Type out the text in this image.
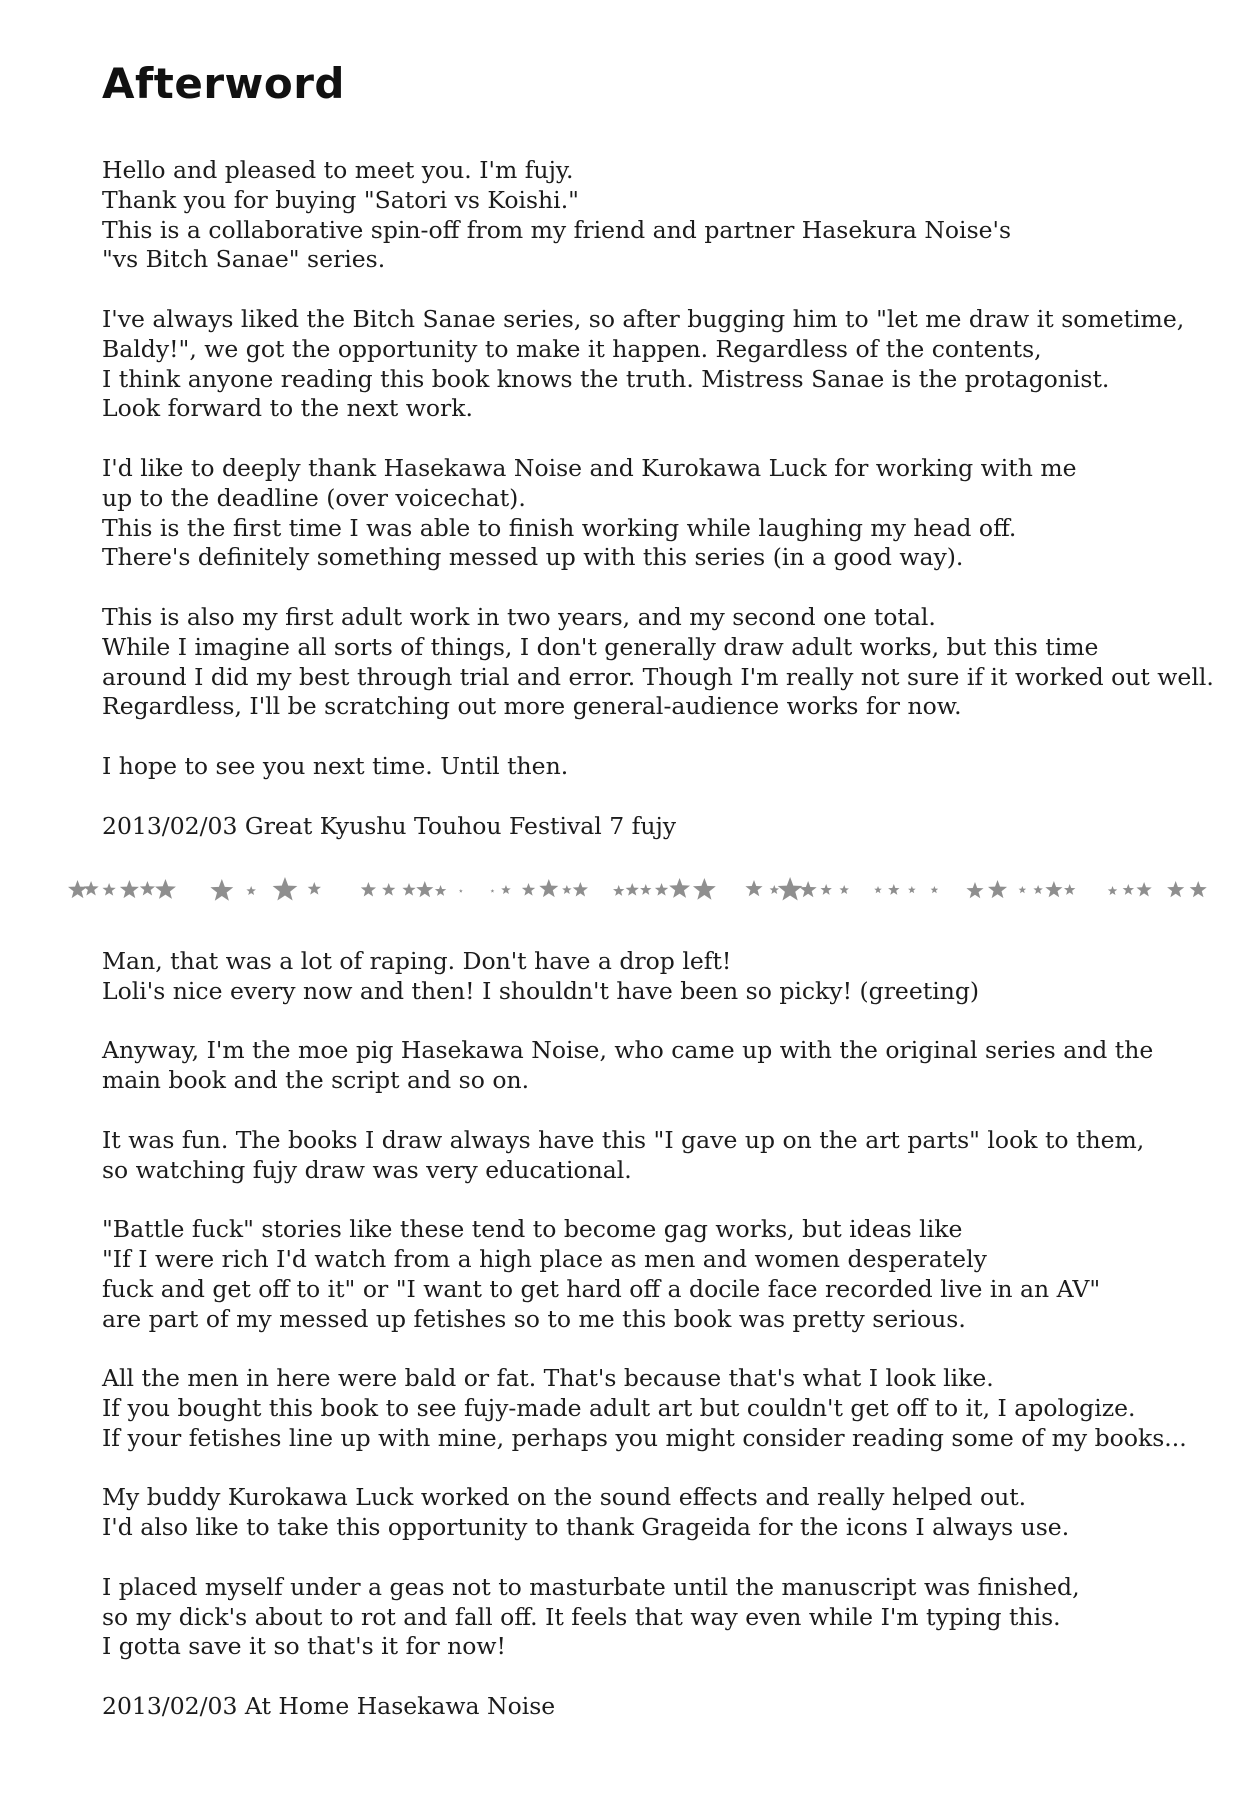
Afterword

Hello and pleased to meet you. I'm fujy.
Thank you for buying "Satori vs Koishi."
This is a collaborative spin-off from my friend and partner Hasekura Noise's
"vs Bitch Sanae" series.

I've always liked the Bitch Sanae series, so after bugging him to "let me draw it sometime,
Baldy!", we got the opportunity to make it happen. Regardless of the contents,
I think anyone reading this book knows the truth. Mistress Sanae is the protagonist.
Look forward to the next work.

I'd like to deeply thank Hasekawa Noise and Kurokawa Luck for working with me
up to the deadline (over voicechat).
This is the first time I was able to finish working while laughing my head off.
There's definitely something messed up with this series (in a good way).

This is also my first adult work in two years, and my second one total.
While I imagine all sorts of things, I don't generally draw adult works, but this time
around I did my best through trial and error. Though I'm really not sure if it worked out well.
Regardless, I'll be scratching out more general-audience works for now.

I hope to see you next time. Until then.

2013/02/03 Great Kyushu Touhou Festival 7 fujy

Man, that was a lot of raping. Don't have a drop left!
Loli's nice every now and then! I shouldn't have been so picky! (greeting)

Anyway, I'm the moe pig Hasekawa Noise, who came up with the original series and the
main book and the script and so on.

It was fun. The books I draw always have this "I gave up on the art parts" look to them,
so watching fujy draw was very educational.

"Battle fuck" stories like these tend to become gag works, but ideas like
"If I were rich I'd watch from a high place as men and women desperately
fuck and get off to it" or "I want to get hard off a docile face recorded live in an AV"
are part of my messed up fetishes so to me this book was pretty serious.

All the men in here were bald or fat. That's because that's what I look like.
If you bought this book to see fujy-made adult art but couldn't get off to it, I apologize.
If your fetishes line up with mine, perhaps you might consider reading some of my books...

My buddy Kurokawa Luck worked on the sound effects and really helped out.
I'd also like to take this opportunity to thank Grageida for the icons I always use.

I placed myself under a geas not to masturbate until the manuscript was finished,
so my dick's about to rot and fall off. It feels that way even while I'm typing this.
I gotta save it so that's it for now!

2013/02/03 At Home Hasekawa Noise
